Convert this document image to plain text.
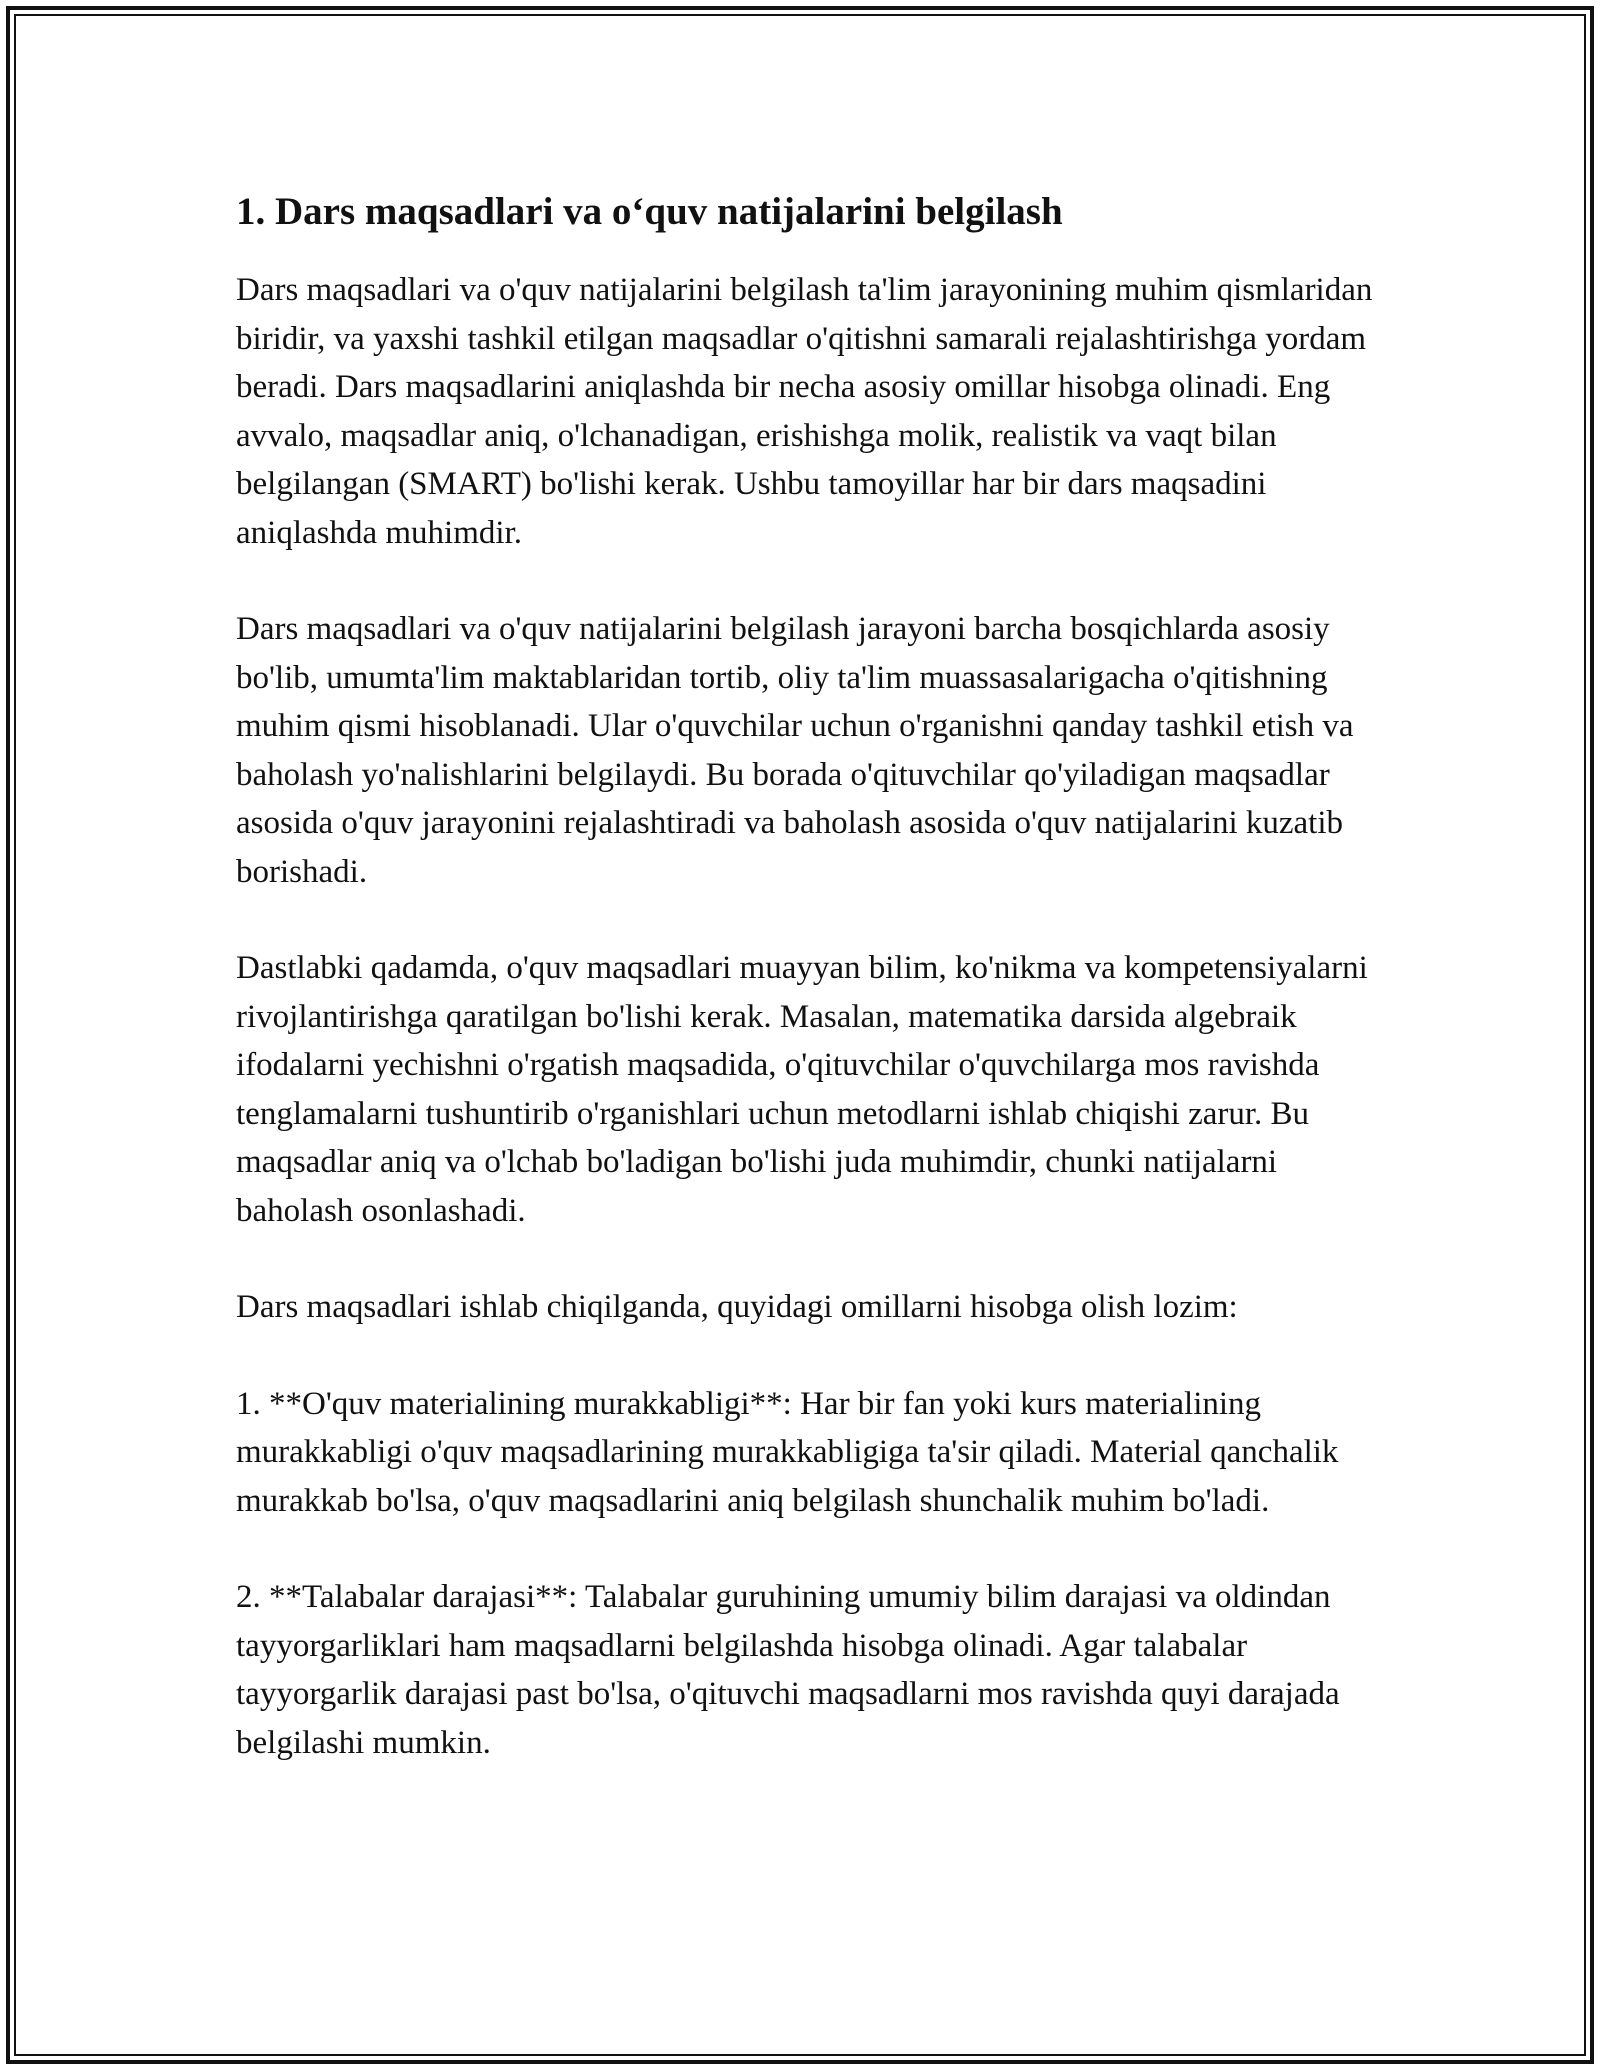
1. Dars maqsadlari va o‘quv natijalarini belgilash

Dars maqsadlari va o'quv natijalarini belgilash ta'lim jarayonining muhim qismlaridan biridir, va yaxshi tashkil etilgan maqsadlar o'qitishni samarali rejalashtirishga yordam beradi. Dars maqsadlarini aniqlashda bir necha asosiy omillar hisobga olinadi. Eng avvalo, maqsadlar aniq, o'lchanadigan, erishishga molik, realistik va vaqt bilan belgilangan (SMART) bo'lishi kerak. Ushbu tamoyillar har bir dars maqsadini aniqlashda muhimdir.

Dars maqsadlari va o'quv natijalarini belgilash jarayoni barcha bosqichlarda asosiy bo'lib, umumta'lim maktablaridan tortib, oliy ta'lim muassasalarigacha o'qitishning muhim qismi hisoblanadi. Ular o'quvchilar uchun o'rganishni qanday tashkil etish va baholash yo'nalishlarini belgilaydi. Bu borada o'qituvchilar qo'yiladigan maqsadlar asosida o'quv jarayonini rejalashtiradi va baholash asosida o'quv natijalarini kuzatib borishadi.

Dastlabki qadamda, o'quv maqsadlari muayyan bilim, ko'nikma va kompetensiyalarni rivojlantirishga qaratilgan bo'lishi kerak. Masalan, matematika darsida algebraik ifodalarni yechishni o'rgatish maqsadida, o'qituvchilar o'quvchilarga mos ravishda tenglamalarni tushuntirib o'rganishlari uchun metodlarni ishlab chiqishi zarur. Bu maqsadlar aniq va o'lchab bo'ladigan bo'lishi juda muhimdir, chunki natijalarni baholash osonlashadi.

Dars maqsadlari ishlab chiqilganda, quyidagi omillarni hisobga olish lozim:

1. **O'quv materialining murakkabligi**: Har bir fan yoki kurs materialining murakkabligi o'quv maqsadlarining murakkabligiga ta'sir qiladi. Material qanchalik murakkab bo'lsa, o'quv maqsadlarini aniq belgilash shunchalik muhim bo'ladi.

2. **Talabalar darajasi**: Talabalar guruhining umumiy bilim darajasi va oldindan tayyorgarliklari ham maqsadlarni belgilashda hisobga olinadi. Agar talabalar tayyorgarlik darajasi past bo'lsa, o'qituvchi maqsadlarni mos ravishda quyi darajada belgilashi mumkin.
